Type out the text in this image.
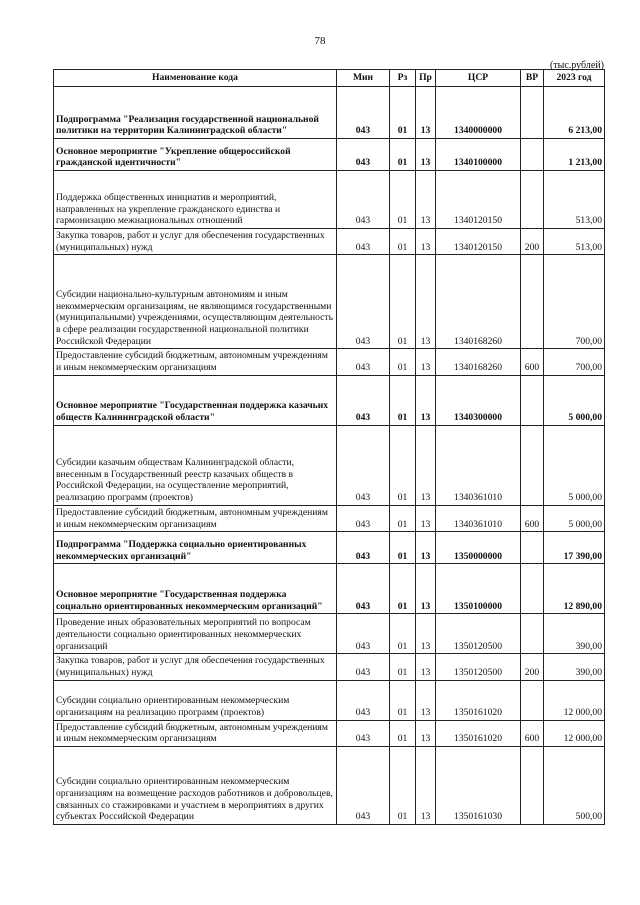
78
(тыс.рублей)
Наименование кода	Мин	Рз	Пр	ЦСР	ВР	2023 год
Подпрограмма "Реализация государственной национальной политики на территории Калининградской области"	043	01	13	1340000000		6 213,00
Основное мероприятие "Укрепление общероссийской гражданской идентичности"	043	01	13	1340100000		1 213,00
Поддержка общественных инициатив и мероприятий, направленных на укрепление гражданского единства и гармонизацию межнациональных отношений	043	01	13	1340120150		513,00
Закупка товаров, работ и услуг для обеспечения государственных (муниципальных) нужд	043	01	13	1340120150	200	513,00
Субсидии национально-культурным автономиям и иным некоммерческим организациям, не являющимся государственными (муниципальными) учреждениями, осуществляющим деятельность в сфере реализации государственной национальной политики Российской Федерации	043	01	13	1340168260		700,00
Предоставление субсидий бюджетным, автономным учреждениям и иным некоммерческим организациям	043	01	13	1340168260	600	700,00
Основное мероприятие "Государственная поддержка казачьих обществ Калининградской области"	043	01	13	1340300000		5 000,00
Субсидии казачьим обществам Калининградской области, внесенным в Государственный реестр казачьих обществ в Российской Федерации, на осуществление мероприятий, реализацию программ (проектов)	043	01	13	1340361010		5 000,00
Предоставление субсидий бюджетным, автономным учреждениям и иным некоммерческим организациям	043	01	13	1340361010	600	5 000,00
Подпрограмма "Поддержка социально ориентированных некоммерческих организаций"	043	01	13	1350000000		17 390,00
Основное мероприятие "Государственная поддержка социально ориентированных некоммерческим организаций"	043	01	13	1350100000		12 890,00
Проведение иных образовательных мероприятий по вопросам деятельности социально ориентированных некоммерческих организаций	043	01	13	1350120500		390,00
Закупка товаров, работ и услуг для обеспечения государственных (муниципальных) нужд	043	01	13	1350120500	200	390,00
Субсидии социально ориентированным некоммерческим организациям на реализацию программ (проектов)	043	01	13	1350161020		12 000,00
Предоставление субсидий бюджетным, автономным учреждениям и иным некоммерческим организациям	043	01	13	1350161020	600	12 000,00
Субсидии социально ориентированным некоммерческим организациям на возмещение расходов работников и добровольцев, связанных со стажировками и участием в мероприятиях в других субъектах Российской Федерации	043	01	13	1350161030		500,00
